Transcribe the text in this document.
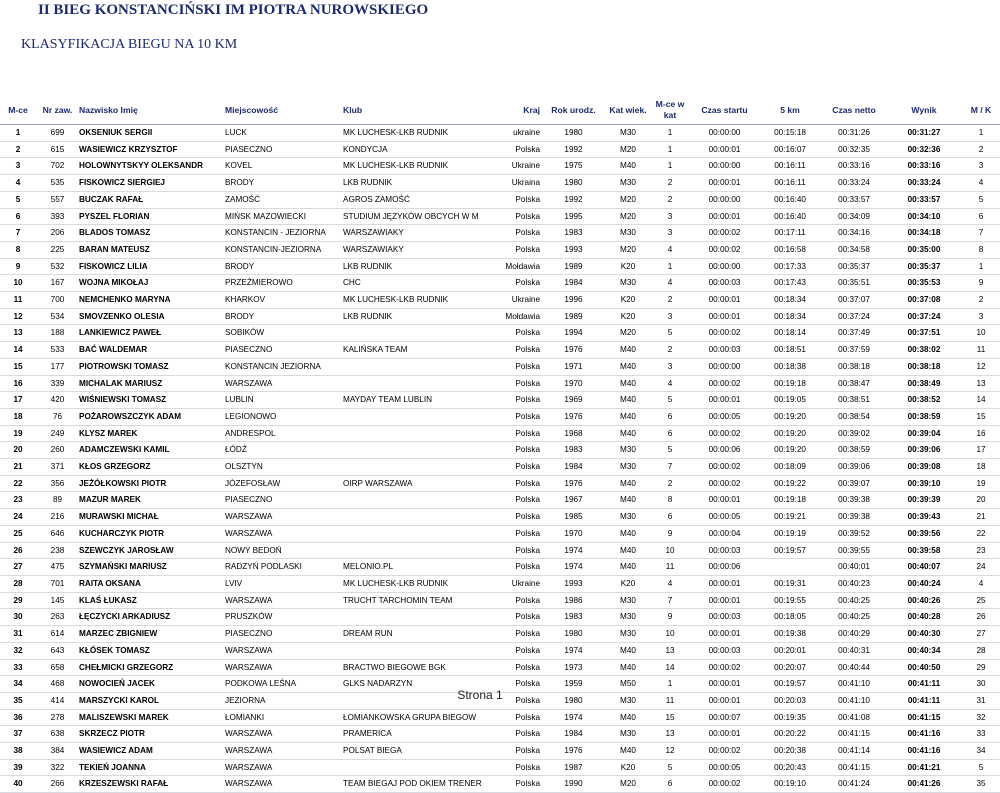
II BIEG KONSTANCIŃSKI IM PIOTRA NUROWSKIEGO
KLASYFIKACJA BIEGU NA 10 KM
M-ce	Nr zaw.	Nazwisko Imię	Miejscowość	Klub	Kraj	Rok urodz.	Kat wiek.	M-ce w kat	Czas startu	5 km	Czas netto	Wynik	M / K
1	699	OKSENIUK SERGII	LUCK	MK LUCHESK-LKB RUDNIK	ukraine	1980	M30	1	00:00:00	00:15:18	00:31:26	00:31:27	1
2	615	WASIEWICZ KRZYSZTOF	PIASECZNO	KONDYCJA	Polska	1992	M20	1	00:00:01	00:16:07	00:32:35	00:32:36	2
3	702	HOLOWNYTSKYY OLEKSANDR	KOVEL	MK LUCHESK-LKB RUDNIK	Ukraine	1975	M40	1	00:00:00	00:16:11	00:33:16	00:33:16	3
4	535	FISKOWICZ SIERGIEJ	BRODY	LKB RUDNIK	Ukraina	1980	M30	2	00:00:01	00:16:11	00:33:24	00:33:24	4
5	557	BUCZAK RAFAŁ	ZAMOŚĆ	AGROS ZAMOŚĆ	Polska	1992	M20	2	00:00:00	00:16:40	00:33:57	00:33:57	5
6	393	PYSZEL FLORIAN	MIŃSK MAZOWIECKI	STUDIUM JĘZYKÓW OBCYCH W M	Polska	1995	M20	3	00:00:01	00:16:40	00:34:09	00:34:10	6
7	206	BLADOS TOMASZ	KONSTANCIN - JEZIORNA	WARSZAWIAKY	Polska	1983	M30	3	00:00:02	00:17:11	00:34:16	00:34:18	7
8	225	BARAN MATEUSZ	KONSTANCIN-JEZIORNA	WARSZAWIAKY	Polska	1993	M20	4	00:00:02	00:16:58	00:34:58	00:35:00	8
9	532	FISKOWICZ LILIA	BRODY	LKB RUDNIK	Mołdawia	1989	K20	1	00:00:00	00:17:33	00:35:37	00:35:37	1
10	167	WOJNA MIKOŁAJ	PRZEŹMIEROWO	CHC	Polska	1984	M30	4	00:00:03	00:17:43	00:35:51	00:35:53	9
11	700	NEMCHENKO MARYNA	KHARKOV	MK LUCHESK-LKB RUDNIK	Ukraine	1996	K20	2	00:00:01	00:18:34	00:37:07	00:37:08	2
12	534	SMOVZENKO OLESIA	BRODY	LKB RUDNIK	Mołdawia	1989	K20	3	00:00:01	00:18:34	00:37:24	00:37:24	3
13	188	LANKIEWICZ PAWEŁ	SOBIKÓW		Polska	1994	M20	5	00:00:02	00:18:14	00:37:49	00:37:51	10
14	533	BAĆ WALDEMAR	PIASECZNO	KALIŃSKA TEAM	Polska	1976	M40	2	00:00:03	00:18:51	00:37:59	00:38:02	11
15	177	PIOTROWSKI TOMASZ	KONSTANCIN JEZIORNA		Polska	1971	M40	3	00:00:00	00:18:38	00:38:18	00:38:18	12
16	339	MICHALAK MARIUSZ	WARSZAWA		Polska	1970	M40	4	00:00:02	00:19:18	00:38:47	00:38:49	13
17	420	WIŚNIEWSKI TOMASZ	LUBLIN	MAYDAY TEAM LUBLIN	Polska	1969	M40	5	00:00:01	00:19:05	00:38:51	00:38:52	14
18	76	POŻAROWSZCZYK ADAM	LEGIONOWO		Polska	1976	M40	6	00:00:05	00:19:20	00:38:54	00:38:59	15
19	249	KLYSZ MAREK	ANDRESPOL		Polska	1968	M40	6	00:00:02	00:19:20	00:39:02	00:39:04	16
20	260	ADAMCZEWSKI KAMIL	ŁÓDŹ		Polska	1983	M30	5	00:00:06	00:19:20	00:38:59	00:39:06	17
21	371	KŁOS GRZEGORZ	OLSZTYN		Polska	1984	M30	7	00:00:02	00:18:09	00:39:06	00:39:08	18
22	356	JEŻÓŁKOWSKI PIOTR	JÓZEFOSŁAW	OIRP WARSZAWA	Polska	1976	M40	2	00:00:02	00:19:22	00:39:07	00:39:10	19
23	89	MAZUR MAREK	PIASECZNO		Polska	1967	M40	8	00:00:01	00:19:18	00:39:38	00:39:39	20
24	216	MURAWSKI MICHAŁ	WARSZAWA		Polska	1985	M30	6	00:00:05	00:19:21	00:39:38	00:39:43	21
25	646	KUCHARCZYK PIOTR	WARSZAWA		Polska	1970	M40	9	00:00:04	00:19:19	00:39:52	00:39:56	22
26	238	SZEWCZYK JAROSŁAW	NOWY BEDOŃ		Polska	1974	M40	10	00:00:03	00:19:57	00:39:55	00:39:58	23
27	475	SZYMAŃSKI MARIUSZ	RADZYŃ PODLASKI	MELONIO.PL	Polska	1974	M40	11	00:00:06		00:40:01	00:40:07	24
28	701	RAITA OKSANA	LVIV	MK LUCHESK-LKB RUDNIK	Ukraine	1993	K20	4	00:00:01	00:19:31	00:40:23	00:40:24	4
29	145	KLAŚ ŁUKASZ	WARSZAWA	TRUCHT TARCHOMIN TEAM	Polska	1986	M30	7	00:00:01	00:19:55	00:40:25	00:40:26	25
30	263	ŁĘCZYCKI ARKADIUSZ	PRUSZKÓW		Polska	1983	M30	9	00:00:03	00:18:05	00:40:25	00:40:28	26
31	614	MARZEC ZBIGNIEW	PIASECZNO	DREAM RUN	Polska	1980	M30	10	00:00:01	00:19:38	00:40:29	00:40:30	27
32	643	KŁÓSEK TOMASZ	WARSZAWA		Polska	1974	M40	13	00:00:03	00:20:01	00:40:31	00:40:34	28
33	658	CHEŁMICKI GRZEGORZ	WARSZAWA	BRACTWO BIEGOWE BGK	Polska	1973	M40	14	00:00:02	00:20:07	00:40:44	00:40:50	29
34	468	NOWOCIEŃ JACEK	PODKOWA LEŚNA	GLKS NADARZYN	Polska	1959	M50	1	00:00:01	00:19:57	00:41:10	00:41:11	30
35	414	MARSZYCKI KAROL	JEZIORNA		Polska	1980	M30	11	00:00:01	00:20:03	00:41:10	00:41:11	31
36	278	MALISZEWSKI MAREK	ŁOMIANKI	ŁOMIANKOWSKA GRUPA BIEGOW	Polska	1974	M40	15	00:00:07	00:19:35	00:41:08	00:41:15	32
37	638	SKRZECZ PIOTR	WARSZAWA	PRAMERICA	Polska	1984	M30	13	00:00:01	00:20:22	00:41:15	00:41:16	33
38	384	WASIEWICZ ADAM	WARSZAWA	POLSAT BIEGA	Polska	1976	M40	12	00:00:02	00:20:38	00:41:14	00:41:16	34
39	322	TEKIEŃ JOANNA	WARSZAWA		Polska	1987	K20	5	00:00:05	00:20:43	00:41:15	00:41:21	5
40	266	KRZESZEWSKI RAFAŁ	WARSZAWA	TEAM BIEGAJ POD OKIEM TRENER	Polska	1990	M20	6	00:00:02	00:19:10	00:41:24	00:41:26	35
Strona 1
